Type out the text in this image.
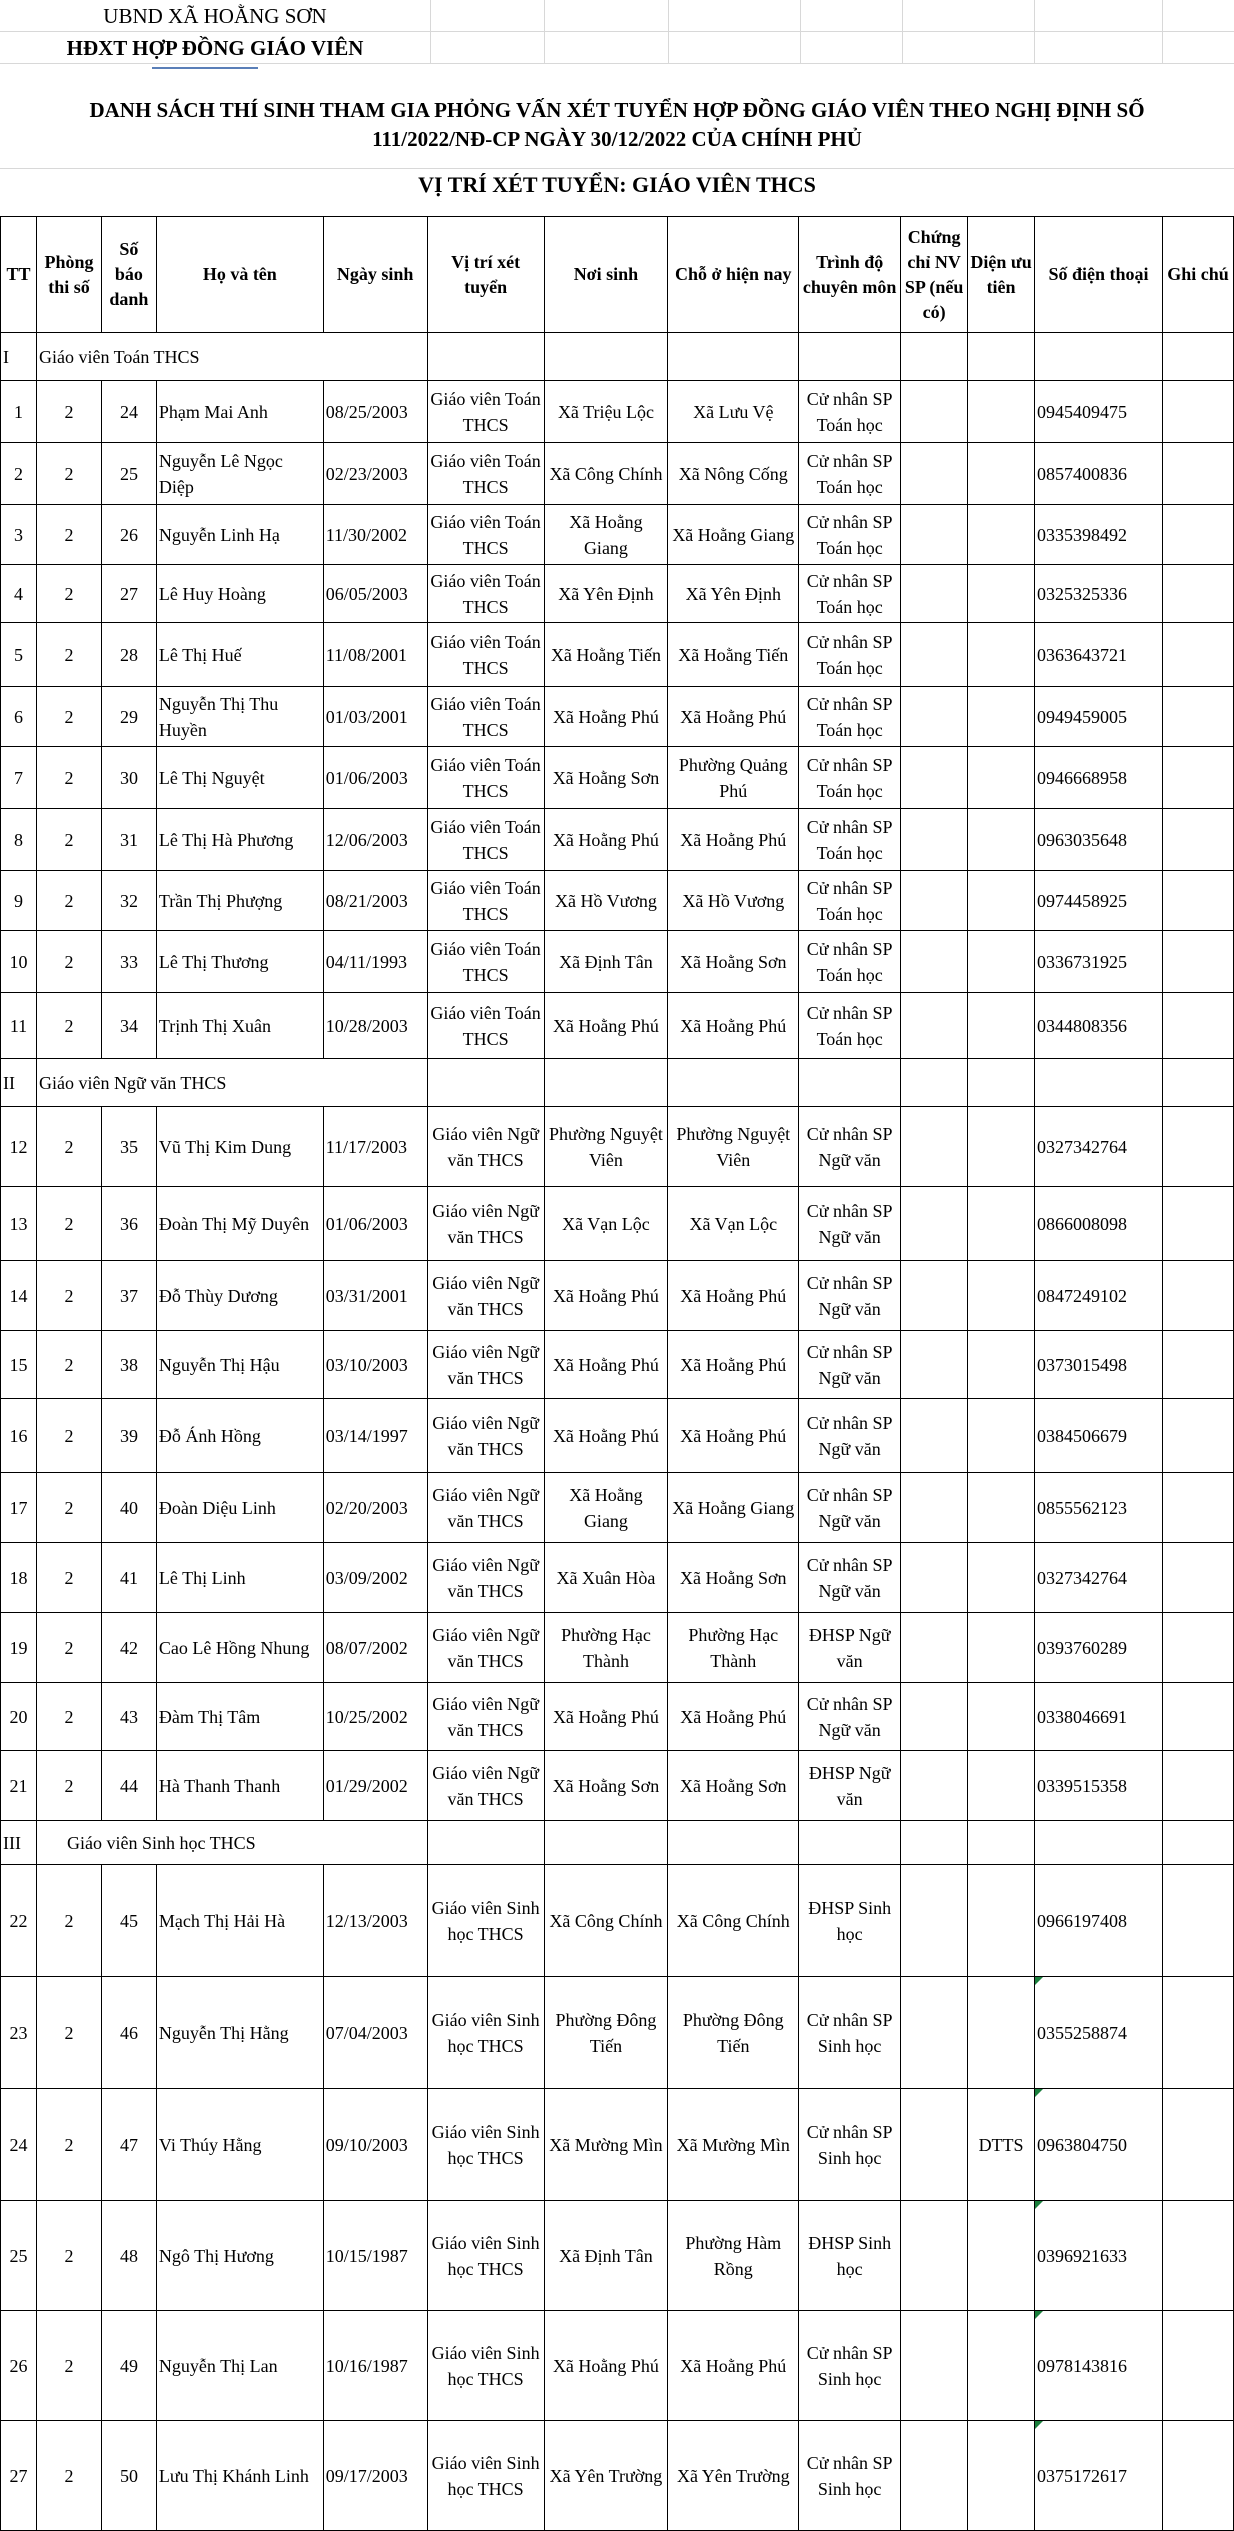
UBND XÃ HOẰNG SƠN
HĐXT HỢP ĐỒNG GIÁO VIÊN
DANH SÁCH THÍ SINH THAM GIA PHỎNG VẤN XÉT TUYỂN HỢP ĐỒNG GIÁO VIÊN THEO NGHỊ ĐỊNH SỐ
111/2022/NĐ-CP NGÀY 30/12/2022 CỦA CHÍNH PHỦ
VỊ TRÍ XÉT TUYỂN: GIÁO VIÊN THCS
TT	Phòng thi số	Số báo danh	Họ và tên	Ngày sinh	Vị trí xét tuyển	Nơi sinh	Chỗ ở hiện nay	Trình độ chuyên môn	Chứng chỉ NV SP (nếu có)	Diện ưu tiên	Số điện thoại	Ghi chú
I	Giáo viên Toán THCS											
1	2	24	Phạm Mai Anh	08/25/2003	Giáo viên Toán THCS	Xã Triệu Lộc	Xã Lưu Vệ	Cử nhân SP Toán học			0945409475	
2	2	25	Nguyễn Lê Ngọc Diệp	02/23/2003	Giáo viên Toán THCS	Xã Công Chính	Xã Nông Cống	Cử nhân SP Toán học			0857400836	
3	2	26	Nguyễn Linh Hạ	11/30/2002	Giáo viên Toán THCS	Xã Hoằng Giang	Xã Hoằng Giang	Cử nhân SP Toán học			0335398492	
4	2	27	Lê Huy Hoàng	06/05/2003	Giáo viên Toán THCS	Xã Yên Định	Xã Yên Định	Cử nhân SP Toán học			0325325336	
5	2	28	Lê Thị Huế	11/08/2001	Giáo viên Toán THCS	Xã Hoằng Tiến	Xã Hoằng Tiến	Cử nhân SP Toán học			0363643721	
6	2	29	Nguyễn Thị Thu Huyền	01/03/2001	Giáo viên Toán THCS	Xã Hoằng Phú	Xã Hoằng Phú	Cử nhân SP Toán học			0949459005	
7	2	30	Lê Thị Nguyệt	01/06/2003	Giáo viên Toán THCS	Xã Hoằng Sơn	Phường Quảng Phú	Cử nhân SP Toán học			0946668958	
8	2	31	Lê Thị Hà Phương	12/06/2003	Giáo viên Toán THCS	Xã Hoằng Phú	Xã Hoằng Phú	Cử nhân SP Toán học			0963035648	
9	2	32	Trần Thị Phượng	08/21/2003	Giáo viên Toán THCS	Xã Hồ Vương	Xã Hồ Vương	Cử nhân SP Toán học			0974458925	
10	2	33	Lê Thị Thương	04/11/1993	Giáo viên Toán THCS	Xã Định Tân	Xã Hoằng Sơn	Cử nhân SP Toán học			0336731925	
11	2	34	Trịnh Thị Xuân	10/28/2003	Giáo viên Toán THCS	Xã Hoằng Phú	Xã Hoằng Phú	Cử nhân SP Toán học			0344808356	
II	Giáo viên Ngữ văn THCS											
12	2	35	Vũ Thị Kim Dung	11/17/2003	Giáo viên Ngữ văn THCS	Phường Nguyệt Viên	Phường Nguyệt Viên	Cử nhân SP Ngữ văn			0327342764	
13	2	36	Đoàn Thị Mỹ Duyên	01/06/2003	Giáo viên Ngữ văn THCS	Xã Vạn Lộc	Xã Vạn Lộc	Cử nhân SP Ngữ văn			0866008098	
14	2	37	Đỗ Thùy Dương	03/31/2001	Giáo viên Ngữ văn THCS	Xã Hoằng Phú	Xã Hoằng Phú	Cử nhân SP Ngữ văn			0847249102	
15	2	38	Nguyễn Thị Hậu	03/10/2003	Giáo viên Ngữ văn THCS	Xã Hoằng Phú	Xã Hoằng Phú	Cử nhân SP Ngữ văn			0373015498	
16	2	39	Đỗ Ánh Hồng	03/14/1997	Giáo viên Ngữ văn THCS	Xã Hoằng Phú	Xã Hoằng Phú	Cử nhân SP Ngữ văn			0384506679	
17	2	40	Đoàn Diệu Linh	02/20/2003	Giáo viên Ngữ văn THCS	Xã Hoằng Giang	Xã Hoằng Giang	Cử nhân SP Ngữ văn			0855562123	
18	2	41	Lê Thị Linh	03/09/2002	Giáo viên Ngữ văn THCS	Xã Xuân Hòa	Xã Hoằng Sơn	Cử nhân SP Ngữ văn			0327342764	
19	2	42	Cao Lê Hồng Nhung	08/07/2002	Giáo viên Ngữ văn THCS	Phường Hạc Thành	Phường Hạc Thành	ĐHSP Ngữ văn			0393760289	
20	2	43	Đàm Thị Tâm	10/25/2002	Giáo viên Ngữ văn THCS	Xã Hoằng Phú	Xã Hoằng Phú	Cử nhân SP Ngữ văn			0338046691	
21	2	44	Hà Thanh Thanh	01/29/2002	Giáo viên Ngữ văn THCS	Xã Hoằng Sơn	Xã Hoằng Sơn	ĐHSP Ngữ văn			0339515358	
III	Giáo viên Sinh học THCS											
22	2	45	Mạch Thị Hải Hà	12/13/2003	Giáo viên Sinh học THCS	Xã Công Chính	Xã Công Chính	ĐHSP Sinh học			0966197408	
23	2	46	Nguyễn Thị Hằng	07/04/2003	Giáo viên Sinh học THCS	Phường Đông Tiến	Phường Đông Tiến	Cử nhân SP Sinh học			0355258874

24	2	47	Vi Thúy Hằng	09/10/2003	Giáo viên Sinh học THCS	Xã Mường Mìn	Xã Mường Mìn	Cử nhân SP Sinh học		DTTS	0963804750

25	2	48	Ngô Thị Hương	10/15/1987	Giáo viên Sinh học THCS	Xã Định Tân	Phường Hàm Rồng	ĐHSP Sinh học			0396921633

26	2	49	Nguyễn Thị Lan	10/16/1987	Giáo viên Sinh học THCS	Xã Hoằng Phú	Xã Hoằng Phú	Cử nhân SP Sinh học			0978143816

27	2	50	Lưu Thị Khánh Linh	09/17/2003	Giáo viên Sinh học THCS	Xã Yên Trường	Xã Yên Trường	Cử nhân SP Sinh học			0375172617
